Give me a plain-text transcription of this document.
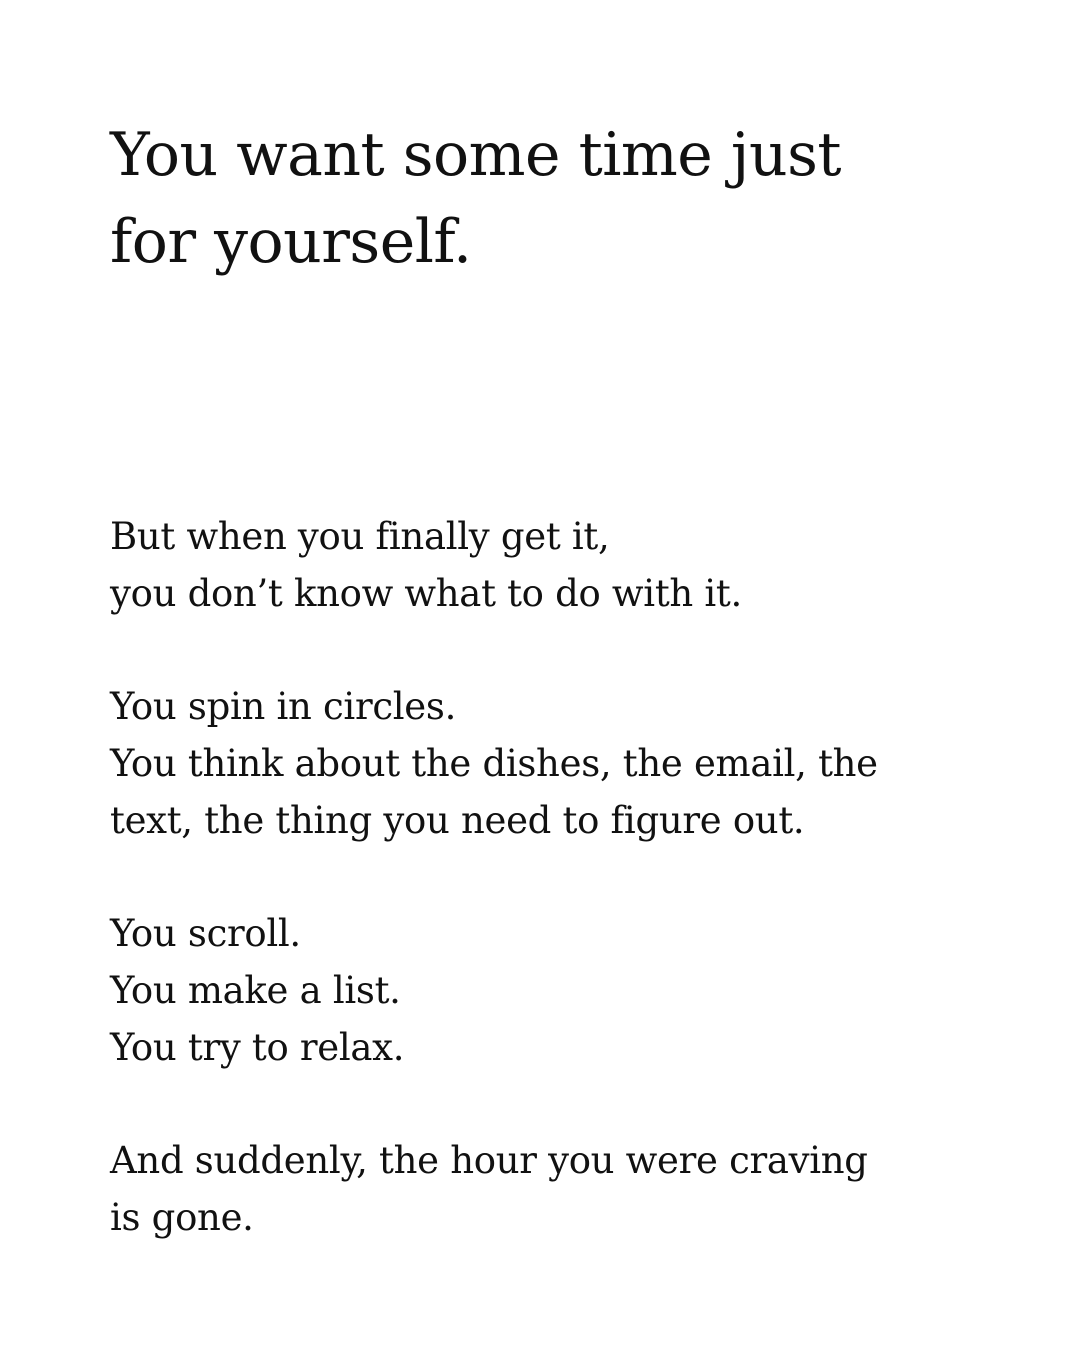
You want some time just
for yourself.

But when you finally get it,
you don’t know what to do with it.

You spin in circles.
You think about the dishes, the email, the
text, the thing you need to figure out.

You scroll.
You make a list.
You try to relax.

And suddenly, the hour you were craving
is gone.
